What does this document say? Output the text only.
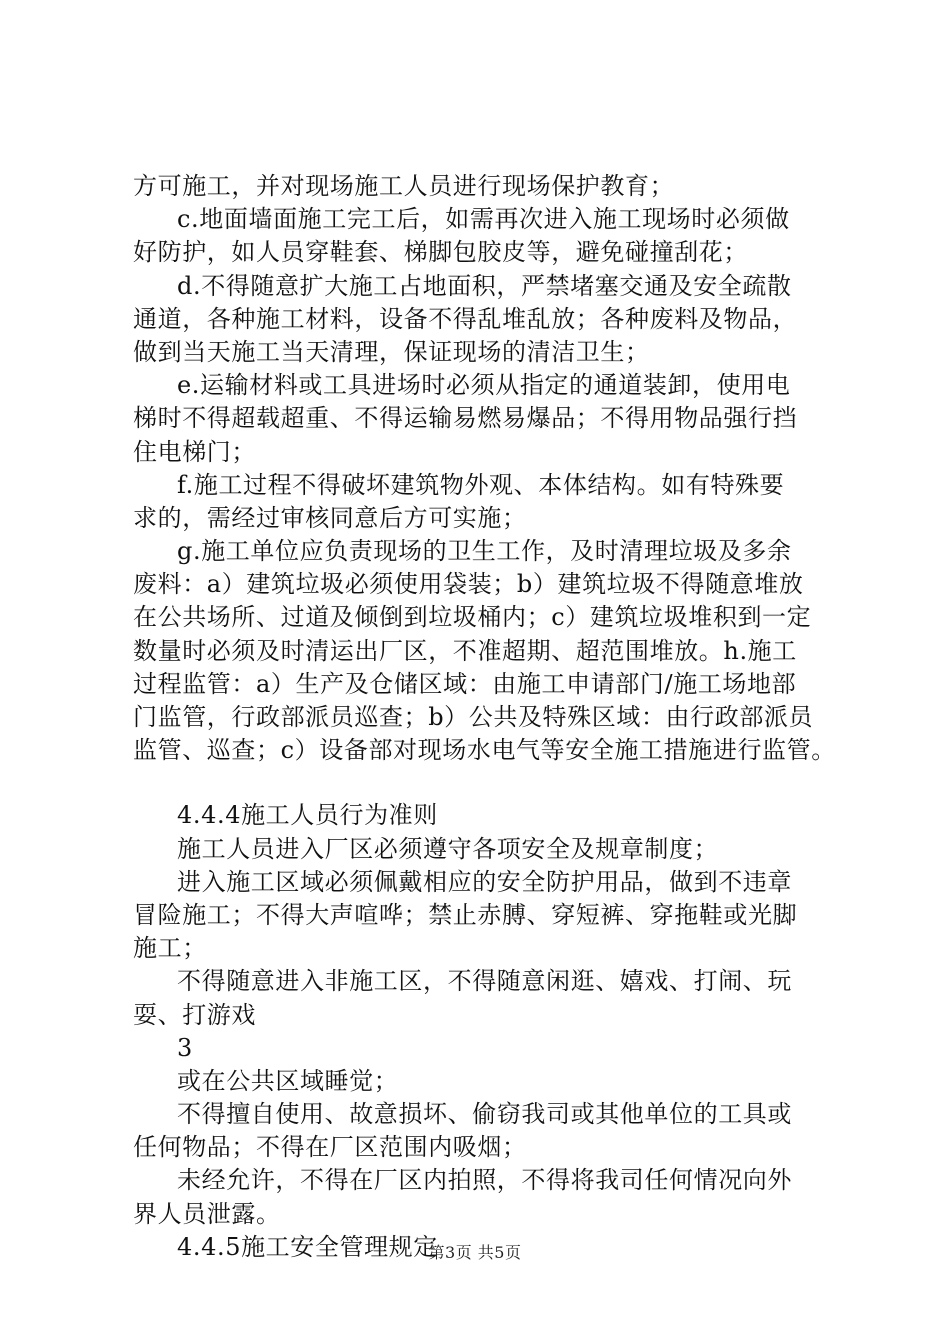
方可施工，并对现场施工人员进行现场保护教育；
c.地面墙面施工完工后，如需再次进入施工现场时必须做
好防护，如人员穿鞋套、梯脚包胶皮等，避免碰撞刮花；
d.不得随意扩大施工占地面积，严禁堵塞交通及安全疏散
通道，各种施工材料，设备不得乱堆乱放；各种废料及物品，
做到当天施工当天清理，保证现场的清洁卫生；
e.运输材料或工具进场时必须从指定的通道装卸，使用电
梯时不得超载超重、不得运输易燃易爆品；不得用物品强行挡
住电梯门；
f.施工过程不得破坏建筑物外观、本体结构。如有特殊要
求的，需经过审核同意后方可实施；
g.施工单位应负责现场的卫生工作，及时清理垃圾及多余
废料：a）建筑垃圾必须使用袋装；b）建筑垃圾不得随意堆放
在公共场所、过道及倾倒到垃圾桶内；c）建筑垃圾堆积到一定
数量时必须及时清运出厂区，不准超期、超范围堆放。h.施工
过程监管：a）生产及仓储区域：由施工申请部门/施工场地部
门监管，行政部派员巡查；b）公共及特殊区域：由行政部派员
监管、巡查；c）设备部对现场水电气等安全施工措施进行监管。
4.4.4施工人员行为准则
施工人员进入厂区必须遵守各项安全及规章制度；
进入施工区域必须佩戴相应的安全防护用品，做到不违章
冒险施工；不得大声喧哗；禁止赤膊、穿短裤、穿拖鞋或光脚
施工；
不得随意进入非施工区，不得随意闲逛、嬉戏、打闹、玩
耍、打游戏
3
或在公共区域睡觉；
不得擅自使用、故意损坏、偷窃我司或其他单位的工具或
任何物品；不得在厂区范围内吸烟；
未经允许，不得在厂区内拍照，不得将我司任何情况向外
界人员泄露。
4.4.5施工安全管理规定
第3页 共5页
